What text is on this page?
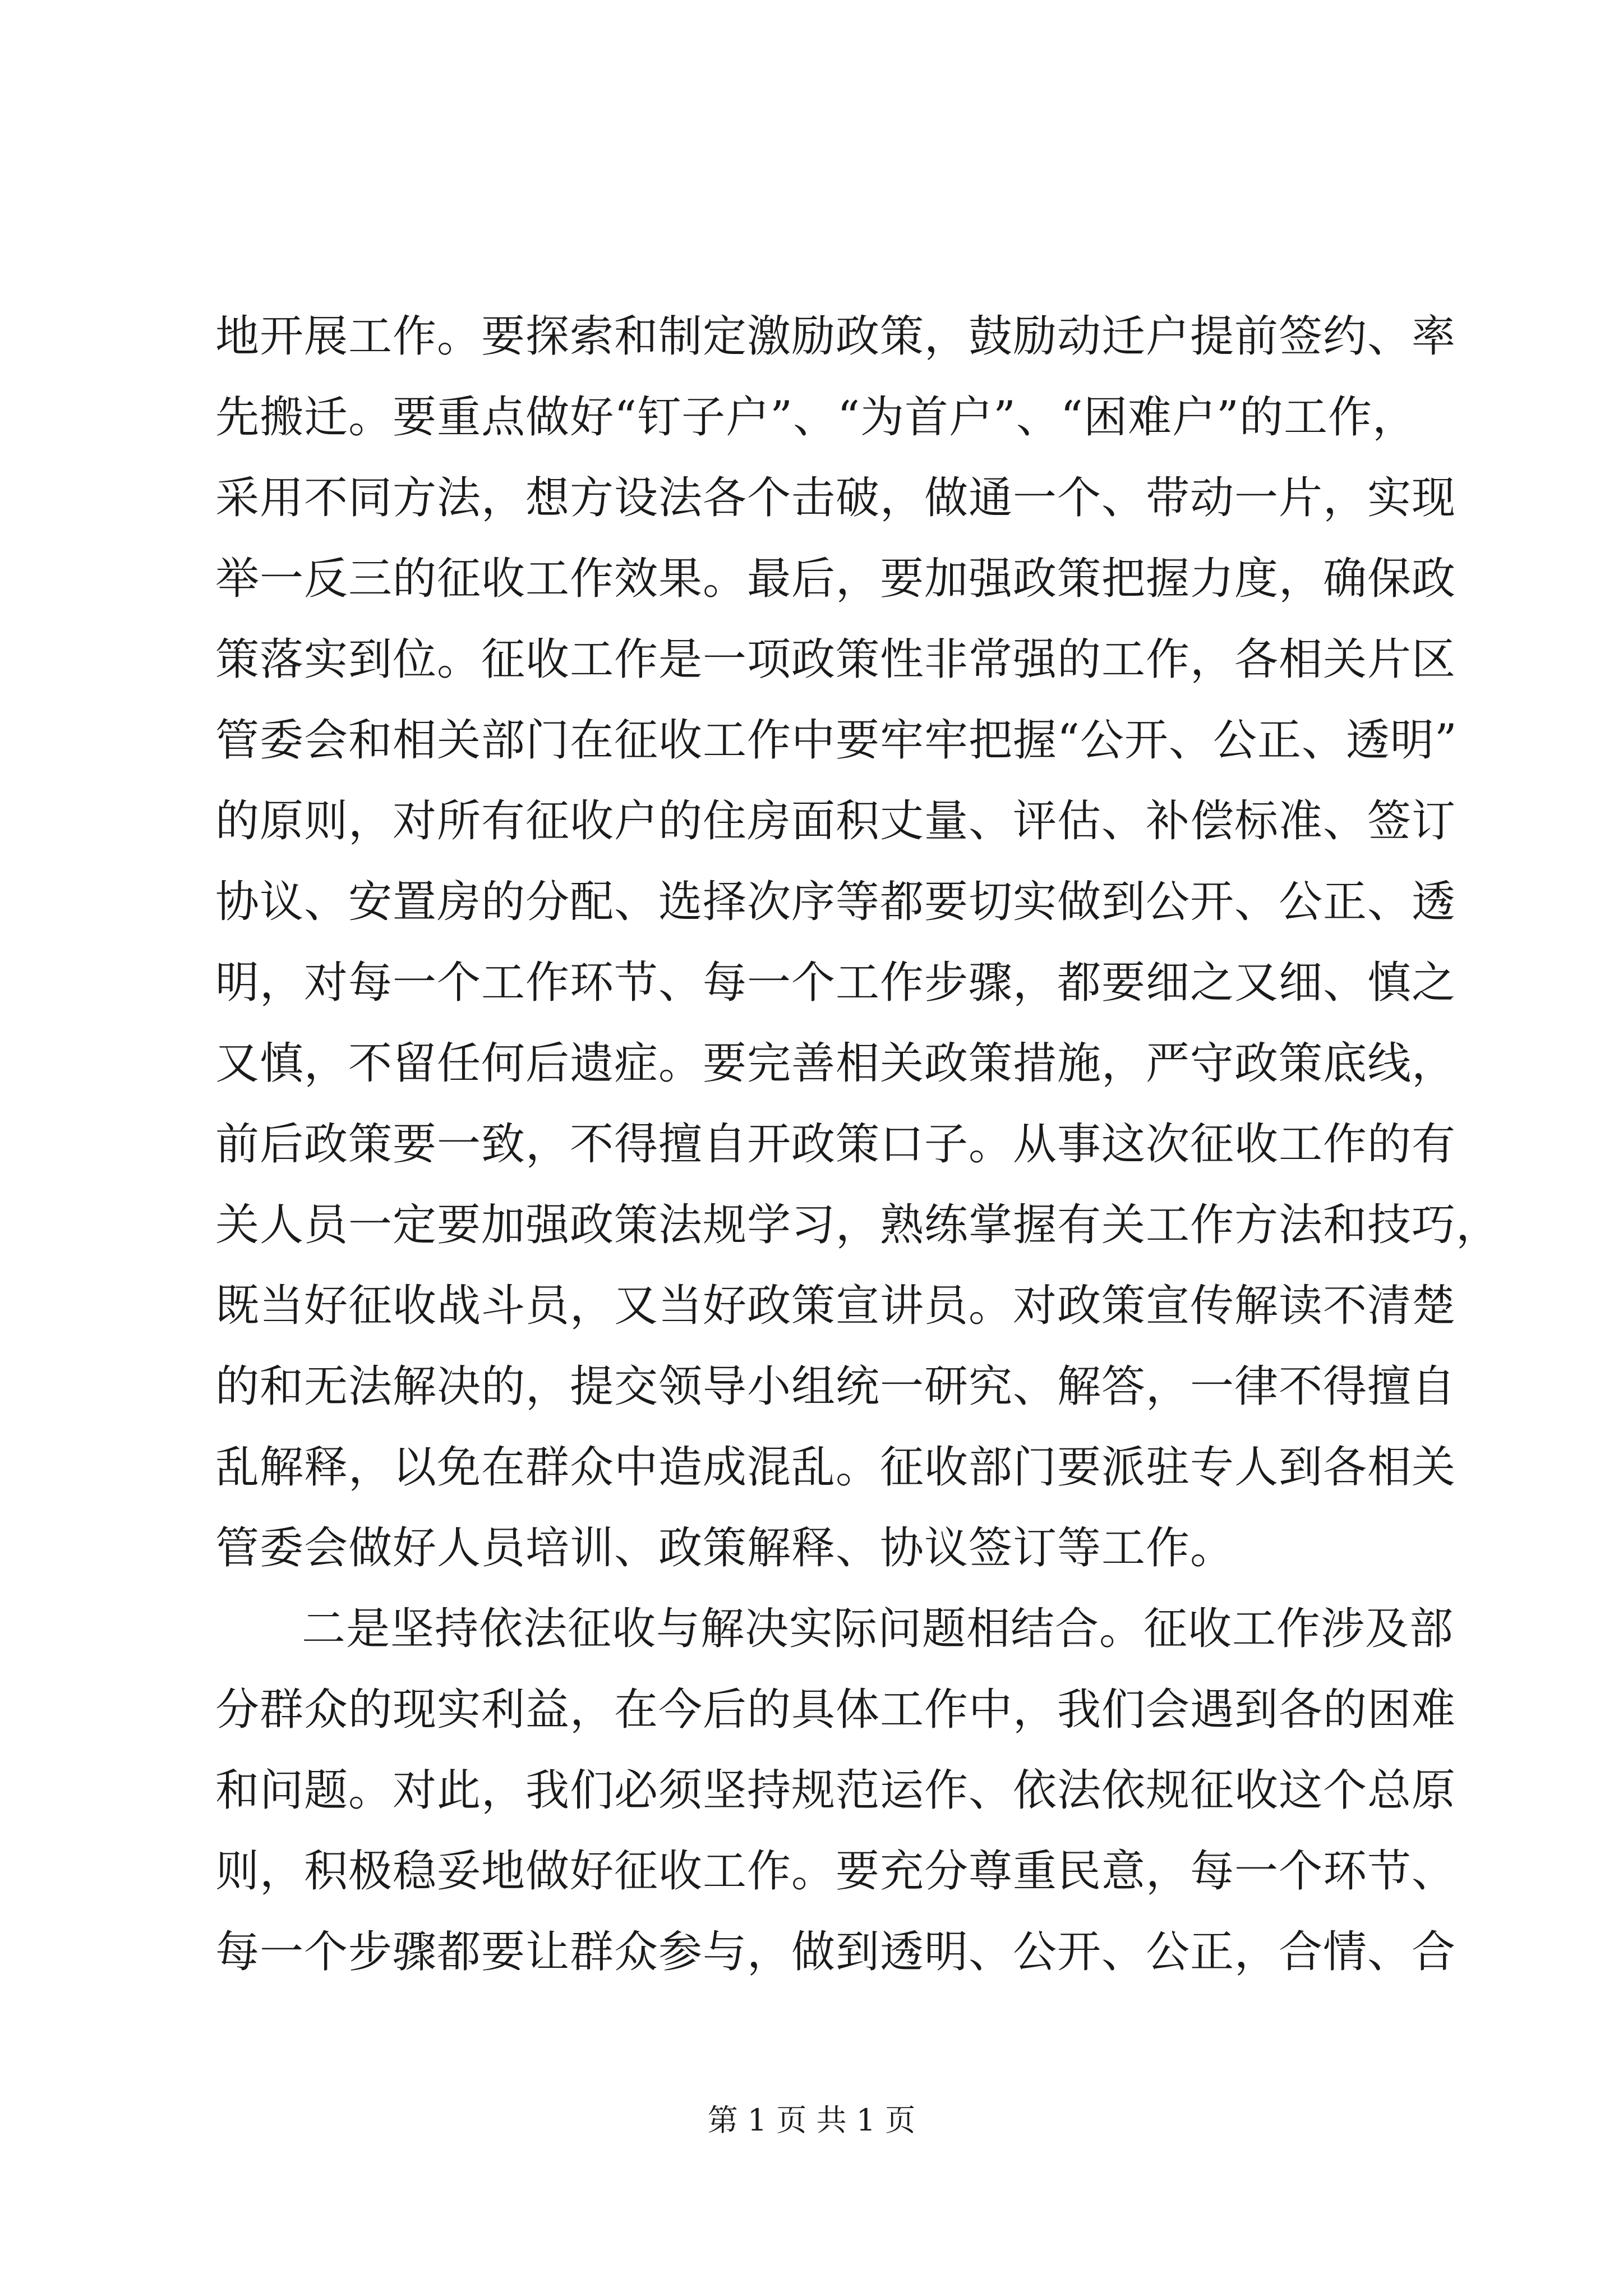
地开展工作。要探索和制定激励政策，鼓励动迁户提前签约、率
先搬迁。要重点做好“钉子户”、“为首户”、“困难户”的工作，
采用不同方法，想方设法各个击破，做通一个、带动一片，实现
举一反三的征收工作效果。最后，要加强政策把握力度，确保政
策落实到位。征收工作是一项政策性非常强的工作，各相关片区
管委会和相关部门在征收工作中要牢牢把握“公开、公正、透明”
的原则，对所有征收户的住房面积丈量、评估、补偿标准、签订
协议、安置房的分配、选择次序等都要切实做到公开、公正、透
明，对每一个工作环节、每一个工作步骤，都要细之又细、慎之
又慎，不留任何后遗症。要完善相关政策措施，严守政策底线，
前后政策要一致，不得擅自开政策口子。从事这次征收工作的有
关人员一定要加强政策法规学习，熟练掌握有关工作方法和技巧，
既当好征收战斗员，又当好政策宣讲员。对政策宣传解读不清楚
的和无法解决的，提交领导小组统一研究、解答，一律不得擅自
乱解释，以免在群众中造成混乱。征收部门要派驻专人到各相关
管委会做好人员培训、政策解释、协议签订等工作。
二是坚持依法征收与解决实际问题相结合。征收工作涉及部
分群众的现实利益，在今后的具体工作中，我们会遇到各的困难
和问题。对此，我们必须坚持规范运作、依法依规征收这个总原
则，积极稳妥地做好征收工作。要充分尊重民意，每一个环节、
每一个步骤都要让群众参与，做到透明、公开、公正，合情、合
第 1 页 共 1 页
